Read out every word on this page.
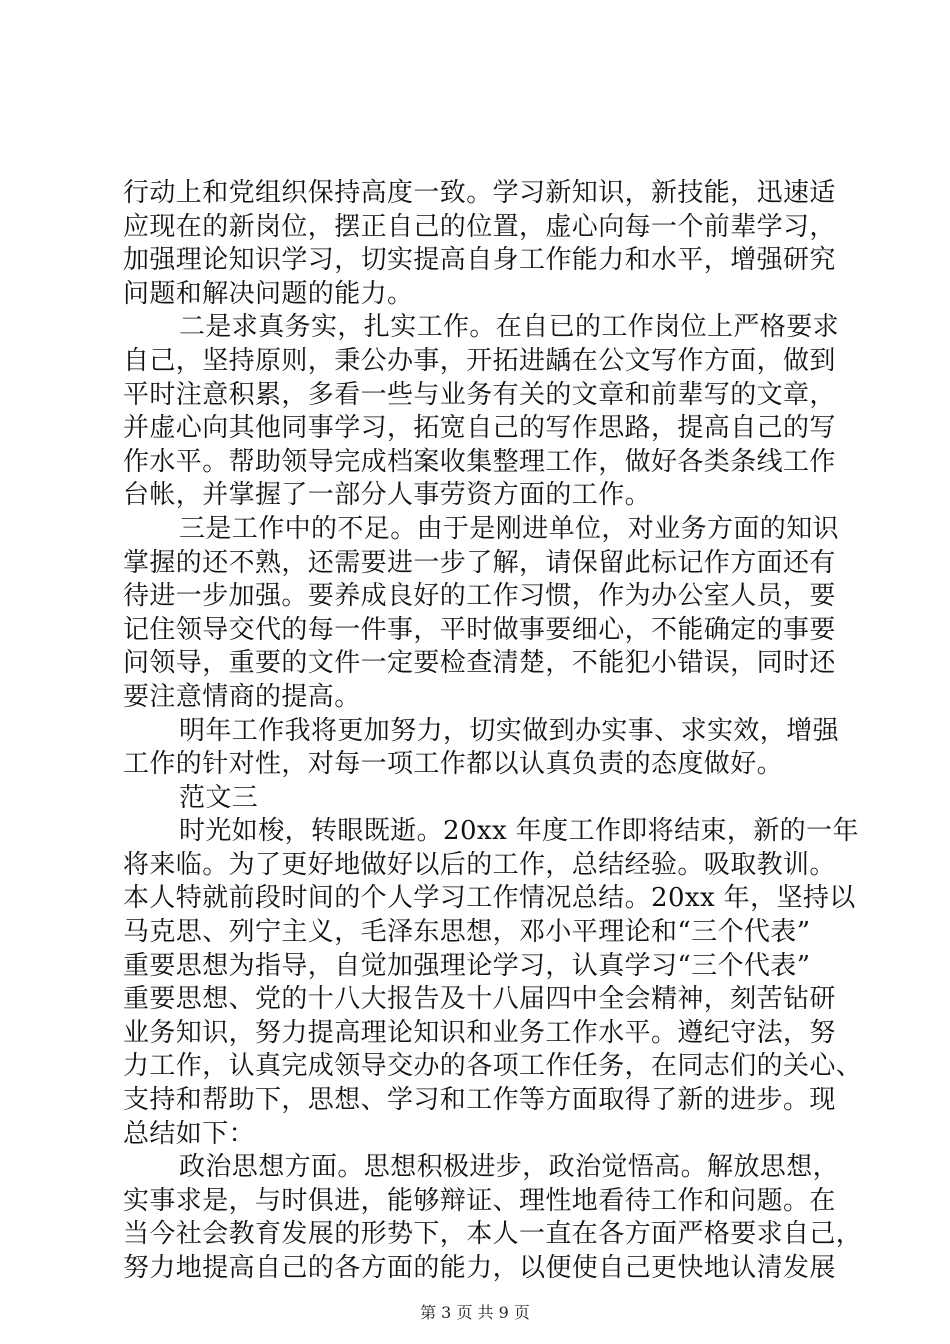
行动上和党组织保持高度一致。学习新知识，新技能，迅速适
应现在的新岗位，摆正自己的位置，虚心向每一个前辈学习，
加强理论知识学习，切实提高自身工作能力和水平，增强研究
问题和解决问题的能力。
二是求真务实，扎实工作。在自已的工作岗位上严格要求
自己，坚持原则，秉公办事，开拓进龋在公文写作方面，做到
平时注意积累，多看一些与业务有关的文章和前辈写的文章，
并虚心向其他同事学习，拓宽自己的写作思路，提高自己的写
作水平。帮助领导完成档案收集整理工作，做好各类条线工作
台帐，并掌握了一部分人事劳资方面的工作。
三是工作中的不足。由于是刚进单位，对业务方面的知识
掌握的还不熟，还需要进一步了解，请保留此标记作方面还有
待进一步加强。要养成良好的工作习惯，作为办公室人员，要
记住领导交代的每一件事，平时做事要细心，不能确定的事要
问领导，重要的文件一定要检查清楚，不能犯小错误，同时还
要注意情商的提高。
明年工作我将更加努力，切实做到办实事、求实效，增强
工作的针对性，对每一项工作都以认真负责的态度做好。
范文三
时光如梭，转眼既逝。20xx 年度工作即将结束，新的一年
将来临。为了更好地做好以后的工作，总结经验。吸取教训。
本人特就前段时间的个人学习工作情况总结。20xx 年，坚持以
马克思、列宁主义，毛泽东思想，邓小平理论和“三个代表”
重要思想为指导，自觉加强理论学习，认真学习“三个代表”
重要思想、党的十八大报告及十八届四中全会精神，刻苦钻研
业务知识，努力提高理论知识和业务工作水平。遵纪守法，努
力工作，认真完成领导交办的各项工作任务，在同志们的关心、
支持和帮助下，思想、学习和工作等方面取得了新的进步。现
总结如下：
政治思想方面。思想积极进步，政治觉悟高。解放思想，
实事求是，与时俱进，能够辩证、理性地看待工作和问题。在
当今社会教育发展的形势下，本人一直在各方面严格要求自己，
努力地提高自己的各方面的能力，以便使自己更快地认清发展
第 3 页 共 9 页
